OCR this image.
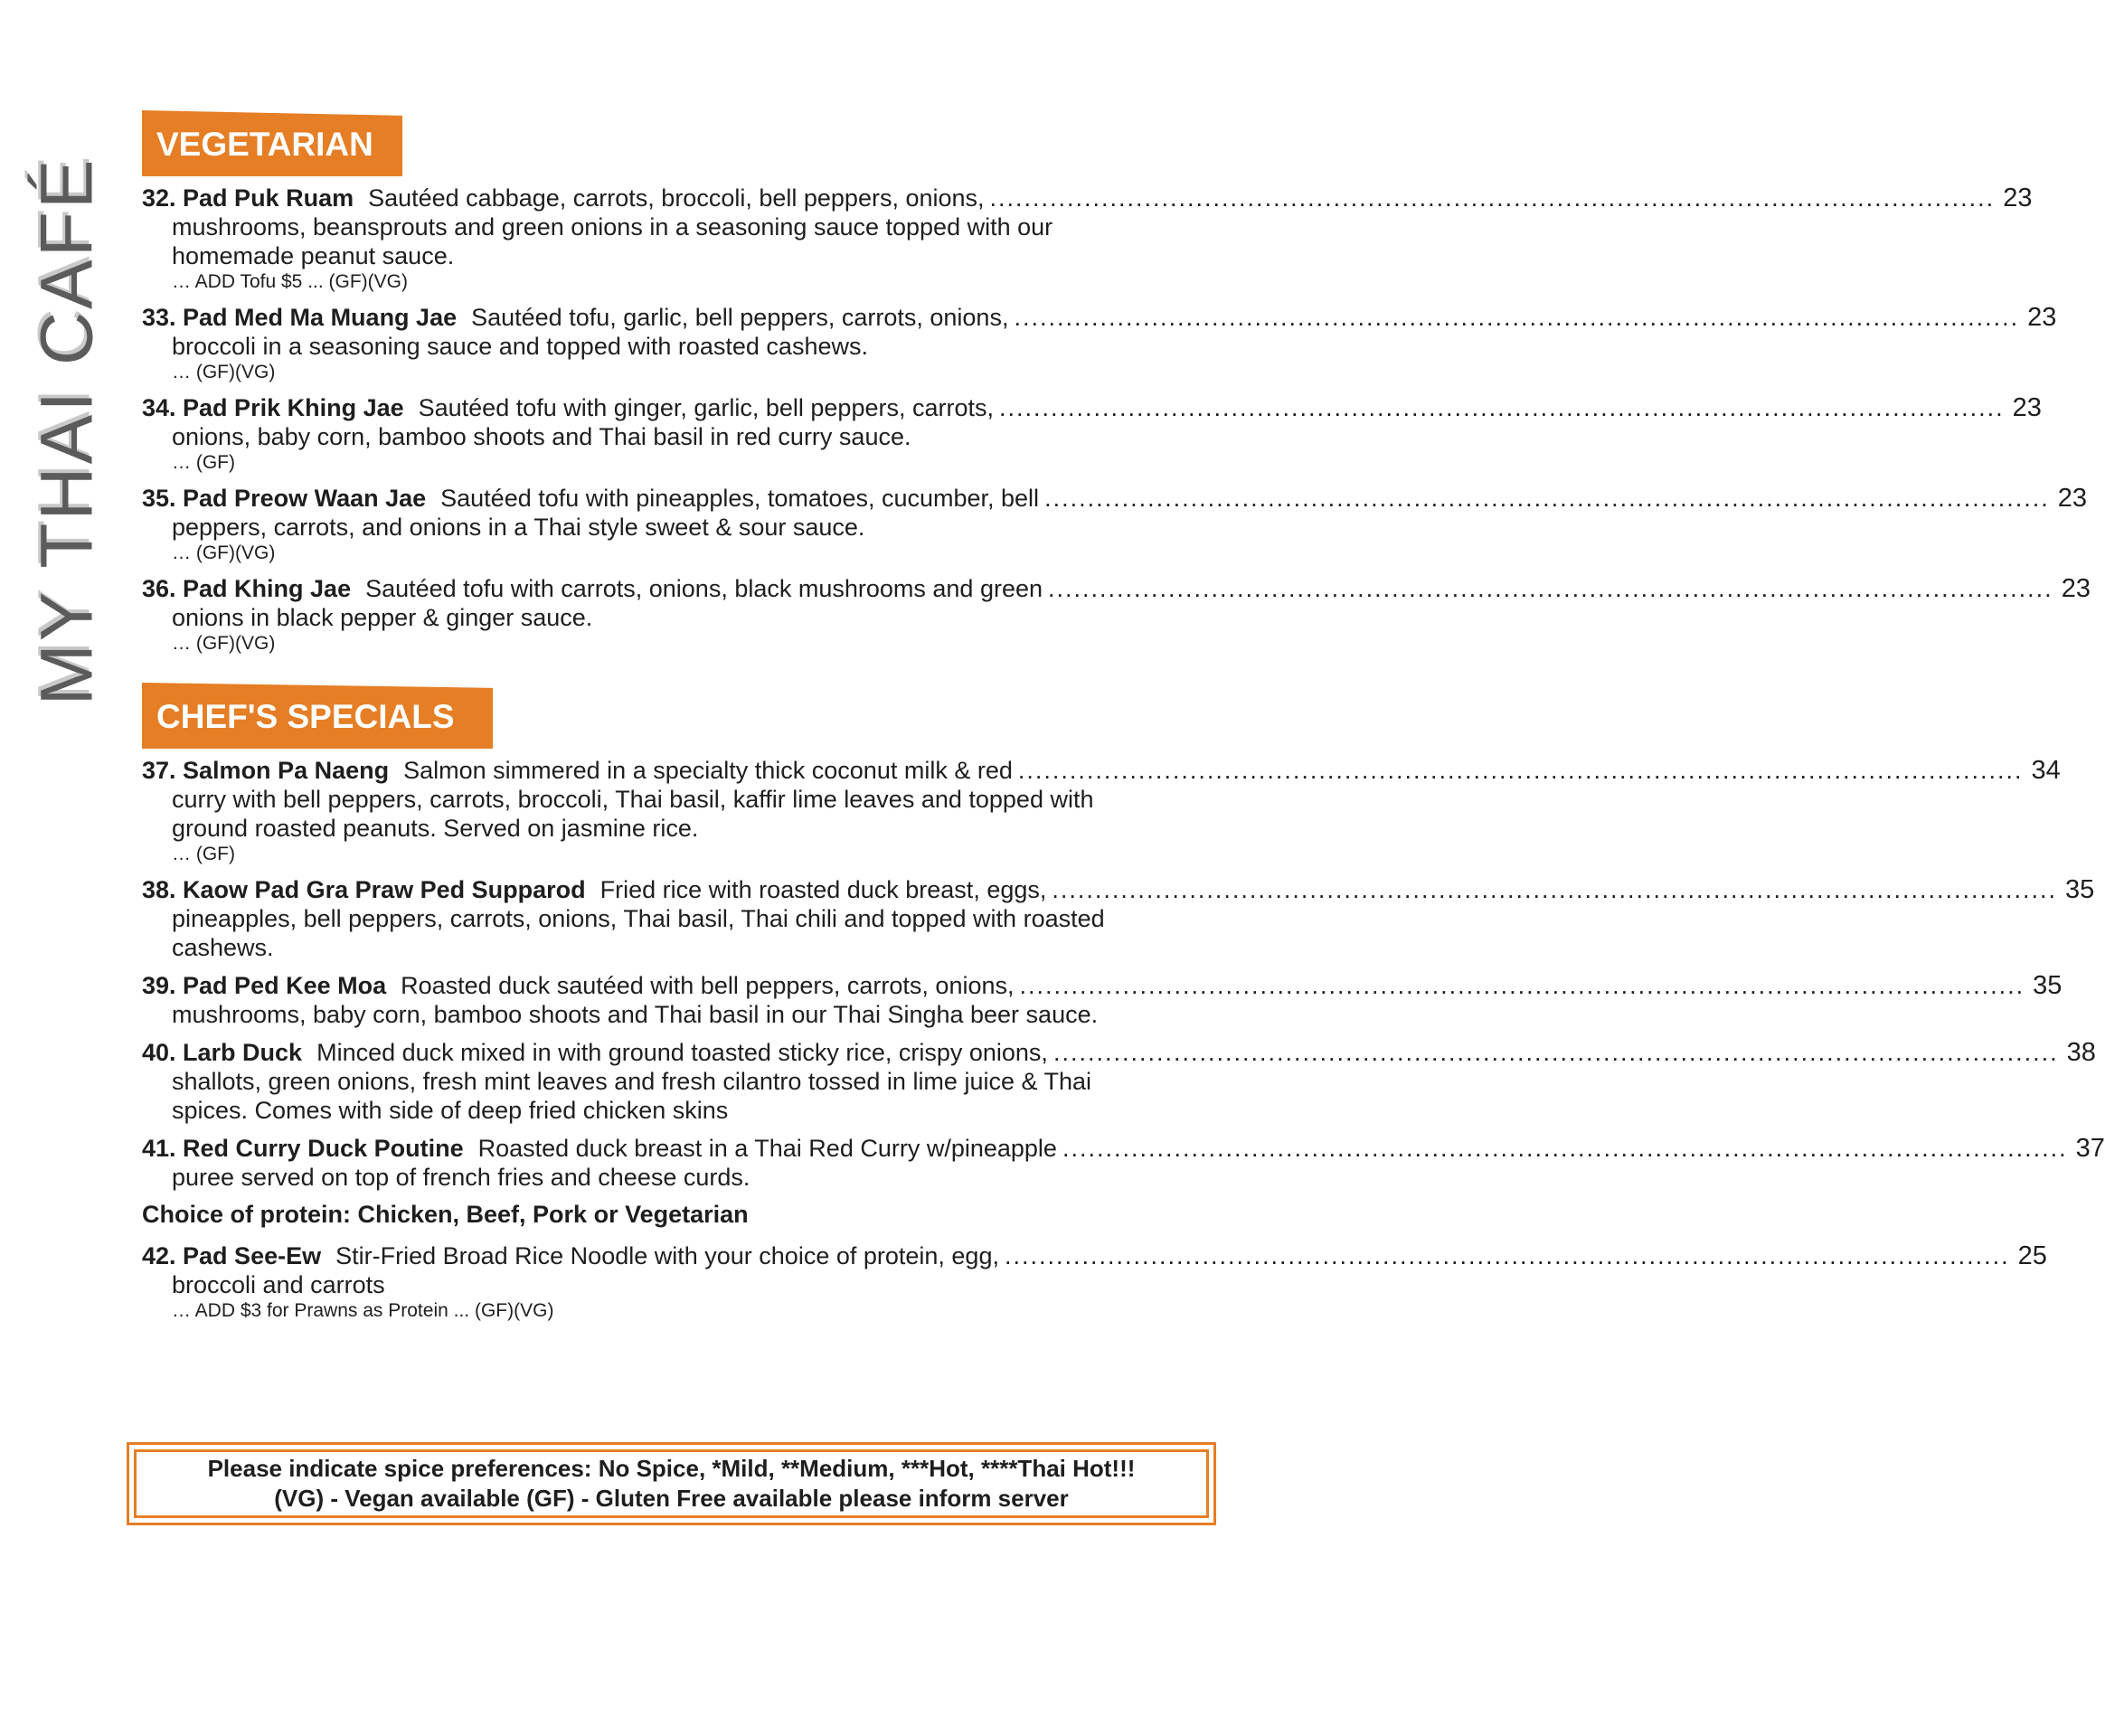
MY THAI CAFÉ
VEGETARIAN
32. Pad Puk Ruam Sautéed cabbage, carrots, broccoli, bell peppers, onions, .....	23
mushrooms, beansprouts and green onions in a seasoning sauce topped with our homemade peanut sauce.
… ADD Tofu $5 ... (GF)(VG)
33. Pad Med Ma Muang Jae Sautéed tofu, garlic, bell peppers, carrots, onions, .....	23
broccoli in a seasoning sauce and topped with roasted cashews.
… (GF)(VG)
34. Pad Prik Khing Jae Sautéed tofu with ginger, garlic, bell peppers, carrots, .....	23
onions, baby corn, bamboo shoots and Thai basil in red curry sauce.
… (GF)
35. Pad Preow Waan Jae Sautéed tofu with pineapples, tomatoes, cucumber, bell .....	23
peppers, carrots, and onions in a Thai style sweet & sour sauce.
… (GF)(VG)
36. Pad Khing Jae Sautéed tofu with carrots, onions, black mushrooms and green .....	23
onions in black pepper & ginger sauce.
… (GF)(VG)
CHEF'S SPECIALS
37. Salmon Pa Naeng Salmon simmered in a specialty thick coconut milk & red .....	34
curry with bell peppers, carrots, broccoli, Thai basil, kaffir lime leaves and topped with ground roasted peanuts. Served on jasmine rice.
… (GF)
38. Kaow Pad Gra Praw Ped Supparod Fried rice with roasted duck breast, eggs, .....	35
pineapples, bell peppers, carrots, onions, Thai basil, Thai chili and topped with roasted cashews.
39. Pad Ped Kee Moa Roasted duck sautéed with bell peppers, carrots, onions, .....	35
mushrooms, baby corn, bamboo shoots and Thai basil in our Thai Singha beer sauce.
40. Larb Duck Minced duck mixed in with ground toasted sticky rice, crispy onions, .....	38
shallots, green onions, fresh mint leaves and fresh cilantro tossed in lime juice & Thai spices. Comes with side of deep fried chicken skins
41. Red Curry Duck Poutine Roasted duck breast in a Thai Red Curry w/pineapple .....	37
puree served on top of french fries and cheese curds.
Choice of protein: Chicken, Beef, Pork or Vegetarian
42. Pad See-Ew Stir-Fried Broad Rice Noodle with your choice of protein, egg, .....	25
broccoli and carrots
… ADD $3 for Prawns as Protein ... (GF)(VG)
Please indicate spice preferences: No Spice, *Mild, **Medium, ***Hot, ****Thai Hot!!!
(VG) - Vegan available (GF) - Gluten Free available please inform server
